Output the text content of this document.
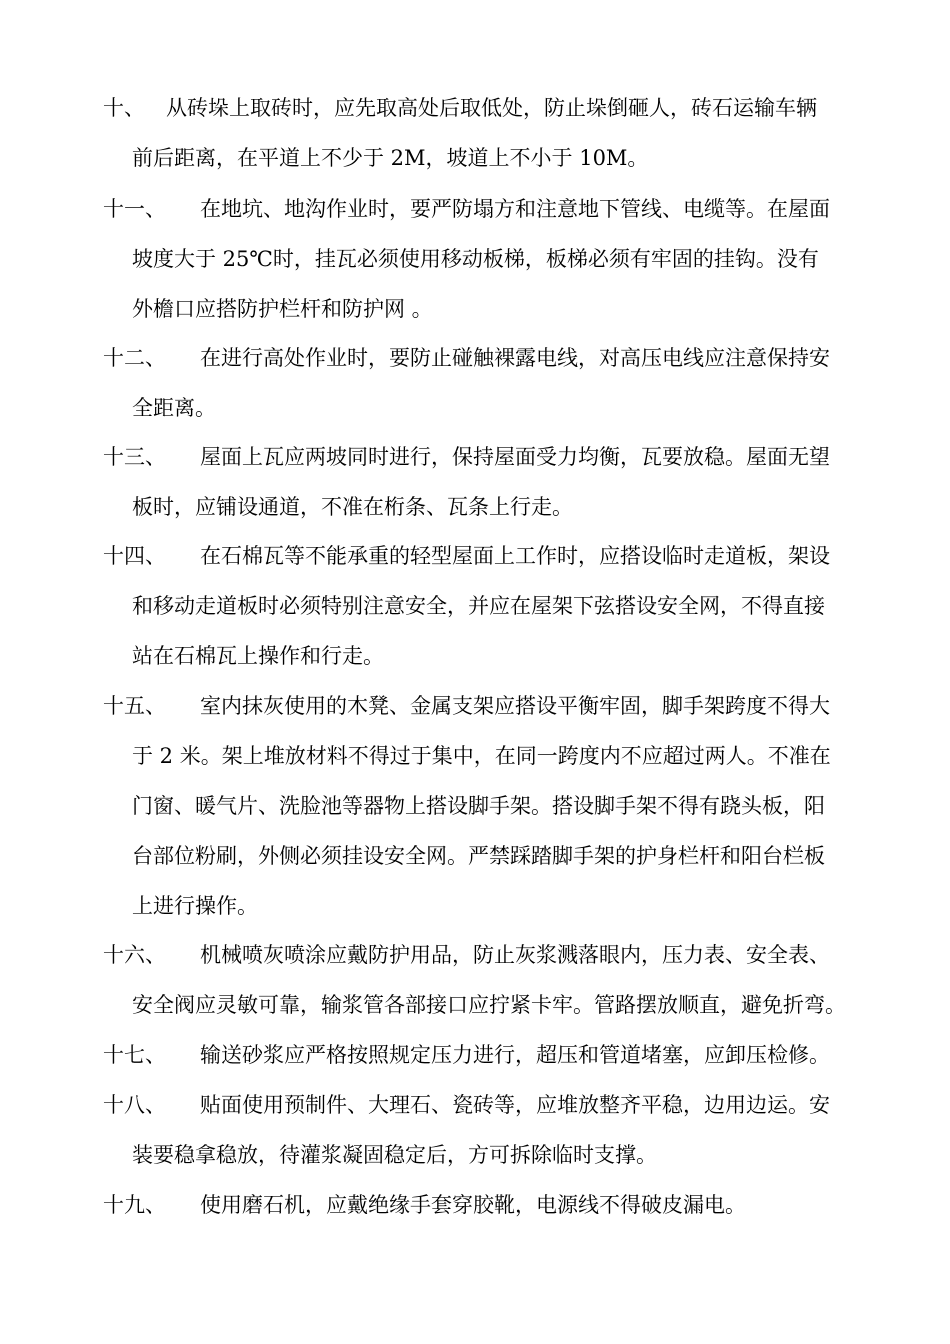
十、	从砖垛上取砖时，应先取高处后取低处，防止垛倒砸人，砖石运输车辆
前后距离，在平道上不少于 2M，坡道上不小于 10M。
十一、	在地坑、地沟作业时，要严防塌方和注意地下管线、电缆等。在屋面
坡度大于 25℃时，挂瓦必须使用移动板梯，板梯必须有牢固的挂钩。没有
外檐口应搭防护栏杆和防护网 。
十二、	在进行高处作业时，要防止碰触裸露电线，对高压电线应注意保持安
全距离。
十三、	屋面上瓦应两坡同时进行，保持屋面受力均衡，瓦要放稳。屋面无望
板时，应铺设通道，不准在桁条、瓦条上行走。
十四、	在石棉瓦等不能承重的轻型屋面上工作时，应搭设临时走道板，架设
和移动走道板时必须特别注意安全，并应在屋架下弦搭设安全网，不得直接
站在石棉瓦上操作和行走。
十五、	室内抹灰使用的木凳、金属支架应搭设平衡牢固，脚手架跨度不得大
于 2 米。架上堆放材料不得过于集中，在同一跨度内不应超过两人。不准在
门窗、暖气片、洗脸池等器物上搭设脚手架。搭设脚手架不得有跷头板，阳
台部位粉刷，外侧必须挂设安全网。严禁踩踏脚手架的护身栏杆和阳台栏板
上进行操作。
十六、	机械喷灰喷涂应戴防护用品，防止灰浆溅落眼内，压力表、安全表、
安全阀应灵敏可靠，输浆管各部接口应拧紧卡牢。管路摆放顺直，避免折弯。
十七、	输送砂浆应严格按照规定压力进行，超压和管道堵塞，应卸压检修。
十八、	贴面使用预制件、大理石、瓷砖等，应堆放整齐平稳，边用边运。安
装要稳拿稳放，待灌浆凝固稳定后，方可拆除临时支撑。
十九、	使用磨石机，应戴绝缘手套穿胶靴，电源线不得破皮漏电。
